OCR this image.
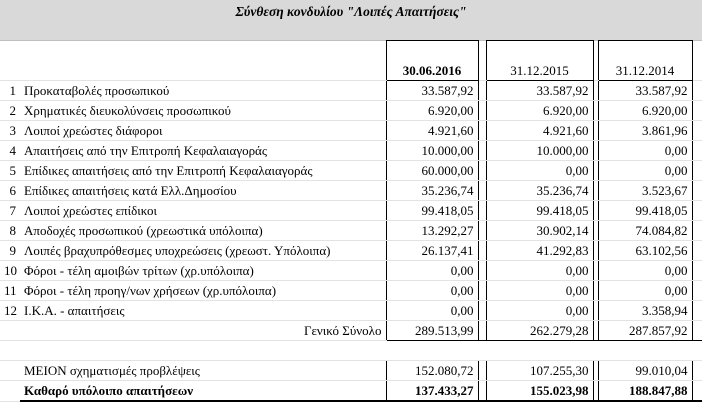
Σύνθεση κονδυλίου "Λοιπές Απαιτήσεις"
		30.06.2016		31.12.2015		31.12.2014	
1	Προκαταβολές προσωπικού	33.587,92		33.587,92		33.587,92	
2	Χρηματικές διευκολύνσεις προσωπικού	6.920,00		6.920,00		6.920,00	
3	Λοιποί χρεώστες διάφοροι	4.921,60		4.921,60		3.861,96	
4	Απαιτήσεις από την Επιτροπή Κεφαλαιαγοράς	10.000,00		10.000,00		0,00	
5	Επίδικες απαιτήσεις από την Επιτροπή Κεφαλαιαγοράς	60.000,00		0,00		0,00	
6	Επίδικες απαιτήσεις κατά Ελλ.Δημοσίου	35.236,74		35.236,74		3.523,67	
7	Λοιποί χρεώστες επίδικοι	99.418,05		99.418,05		99.418,05	
8	Αποδοχές προσωπικού (χρεωστικά υπόλοιπα)	13.292,27		30.902,14		74.084,82	
9	Λοιπές βραχυπρόθεσμες υποχρεώσεις (χρεωστ. Υπόλοιπα)	26.137,41		41.292,83		63.102,56	
10	Φόροι - τέλη αμοιβών τρίτων (χρ.υπόλοιπα)	0,00		0,00		0,00	
11	Φόροι - τέλη προηγ/νων χρήσεων (χρ.υπόλοιπα)	0,00		0,00		0,00	
12	Ι.Κ.Α. - απαιτήσεις	0,00		0,00		3.358,94	
	Γενικό Σύνολο	289.513,99		262.279,28		287.857,92	

	ΜΕΙΟΝ σχηματισμές προβλέψεις	152.080,72		107.255,30		99.010,04	
	Καθαρό υπόλοιπο απαιτήσεων	137.433,27		155.023,98		188.847,88	
